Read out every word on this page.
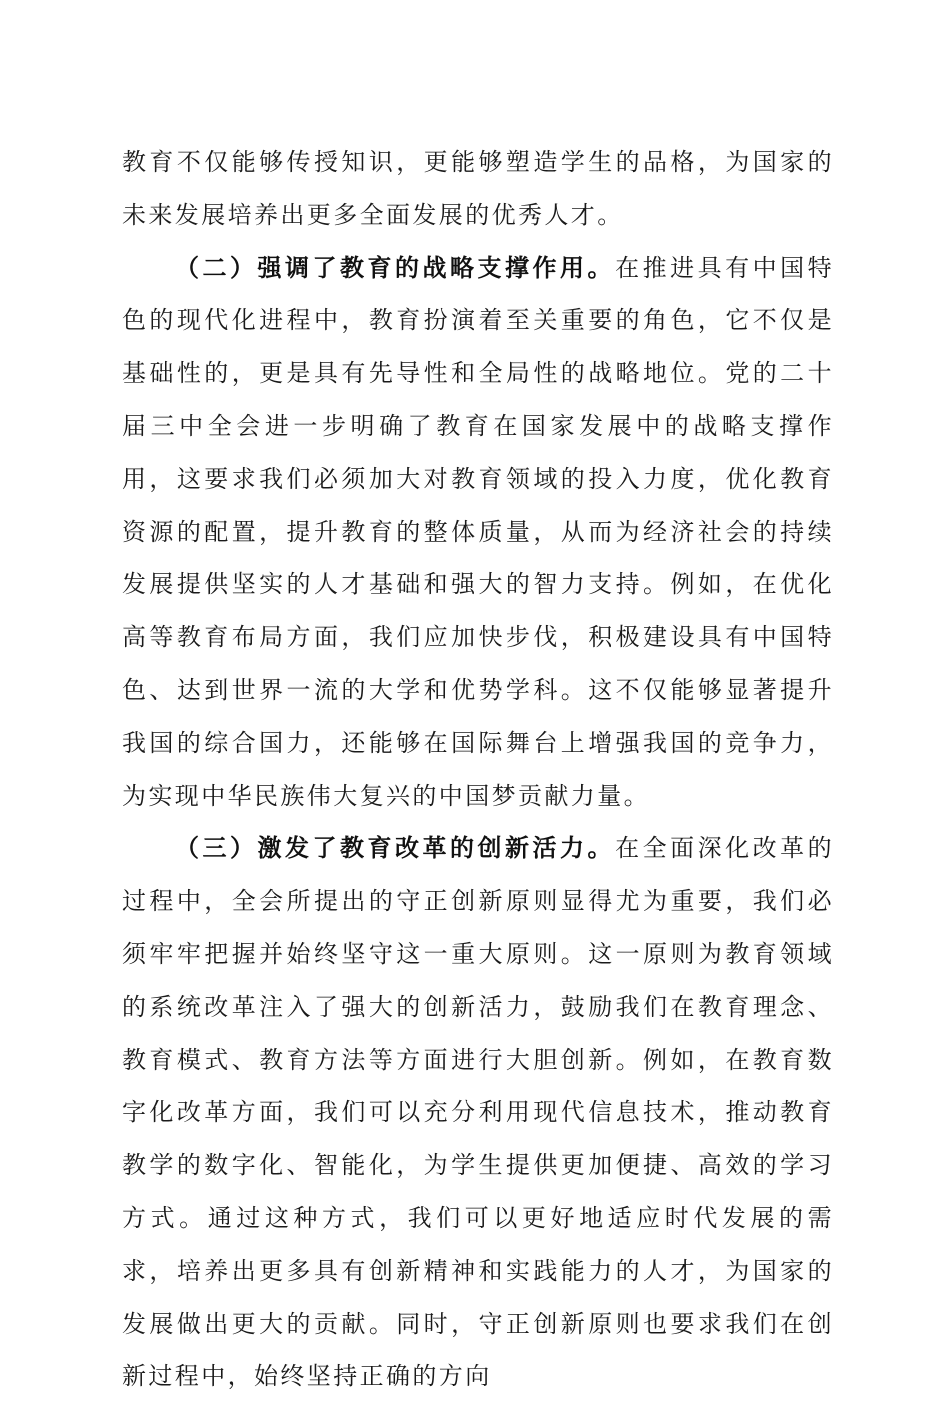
教育不仅能够传授知识，更能够塑造学生的品格，为国家的未来发展培养出更多全面发展的优秀人才。

（二）强调了教育的战略支撑作用。在推进具有中国特色的现代化进程中，教育扮演着至关重要的角色，它不仅是基础性的，更是具有先导性和全局性的战略地位。党的二十届三中全会进一步明确了教育在国家发展中的战略支撑作用，这要求我们必须加大对教育领域的投入力度，优化教育资源的配置，提升教育的整体质量，从而为经济社会的持续发展提供坚实的人才基础和强大的智力支持。例如，在优化高等教育布局方面，我们应加快步伐，积极建设具有中国特色、达到世界一流的大学和优势学科。这不仅能够显著提升我国的综合国力，还能够在国际舞台上增强我国的竞争力，为实现中华民族伟大复兴的中国梦贡献力量。

（三）激发了教育改革的创新活力。在全面深化改革的过程中，全会所提出的守正创新原则显得尤为重要，我们必须牢牢把握并始终坚守这一重大原则。这一原则为教育领域的系统改革注入了强大的创新活力，鼓励我们在教育理念、教育模式、教育方法等方面进行大胆创新。例如，在教育数字化改革方面，我们可以充分利用现代信息技术，推动教育教学的数字化、智能化，为学生提供更加便捷、高效的学习方式。通过这种方式，我们可以更好地适应时代发展的需求，培养出更多具有创新精神和实践能力的人才，为国家的发展做出更大的贡献。同时，守正创新原则也要求我们在创新过程中，始终坚持正确的方向
